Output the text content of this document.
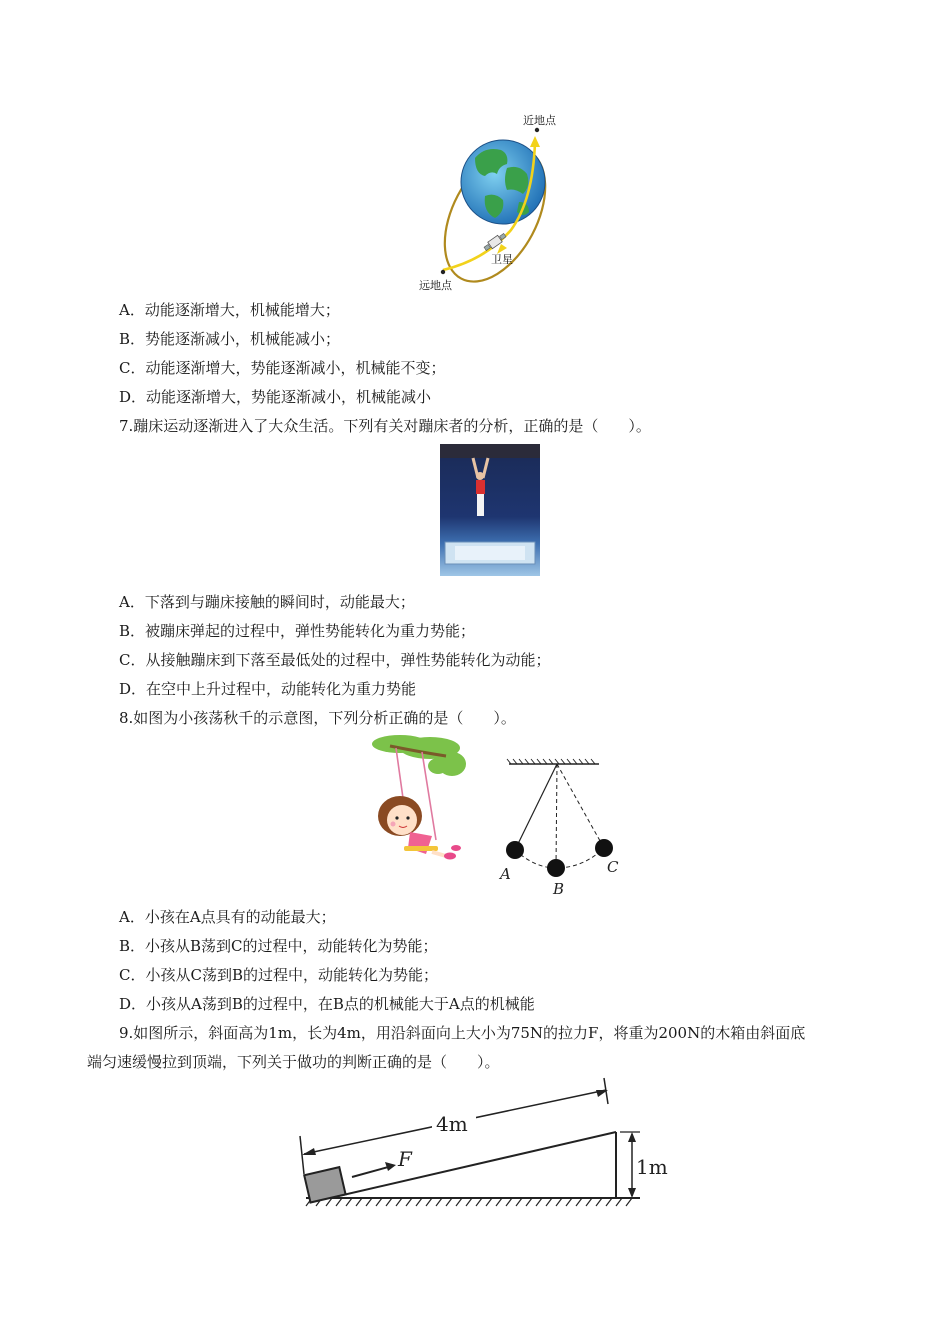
近地点
卫星
远地点
A．动能逐渐增大，机械能增大；
B．势能逐渐减小，机械能减小；
C．动能逐渐增大，势能逐渐减小，机械能不变；
D．动能逐渐增大，势能逐渐减小，机械能减小
7.蹦床运动逐渐进入了大众生活。下列有关对蹦床者的分析，正确的是（　　）。
A．下落到与蹦床接触的瞬间时，动能最大；
B．被蹦床弹起的过程中，弹性势能转化为重力势能；
C．从接触蹦床到下落至最低处的过程中，弹性势能转化为动能；
D．在空中上升过程中，动能转化为重力势能
8.如图为小孩荡秋千的示意图，下列分析正确的是（　　）。
A
B
C
A．小孩在A点具有的动能最大；
B．小孩从B荡到C的过程中，动能转化为势能；
C．小孩从C荡到B的过程中，动能转化为势能；
D．小孩从A荡到B的过程中，在B点的机械能大于A点的机械能
9.如图所示，斜面高为1m，长为4m，用沿斜面向上大小为75N的拉力F，将重为200N的木箱由斜面底
端匀速缓慢拉到顶端，下列关于做功的判断正确的是（　　）。
F
4m
1m
